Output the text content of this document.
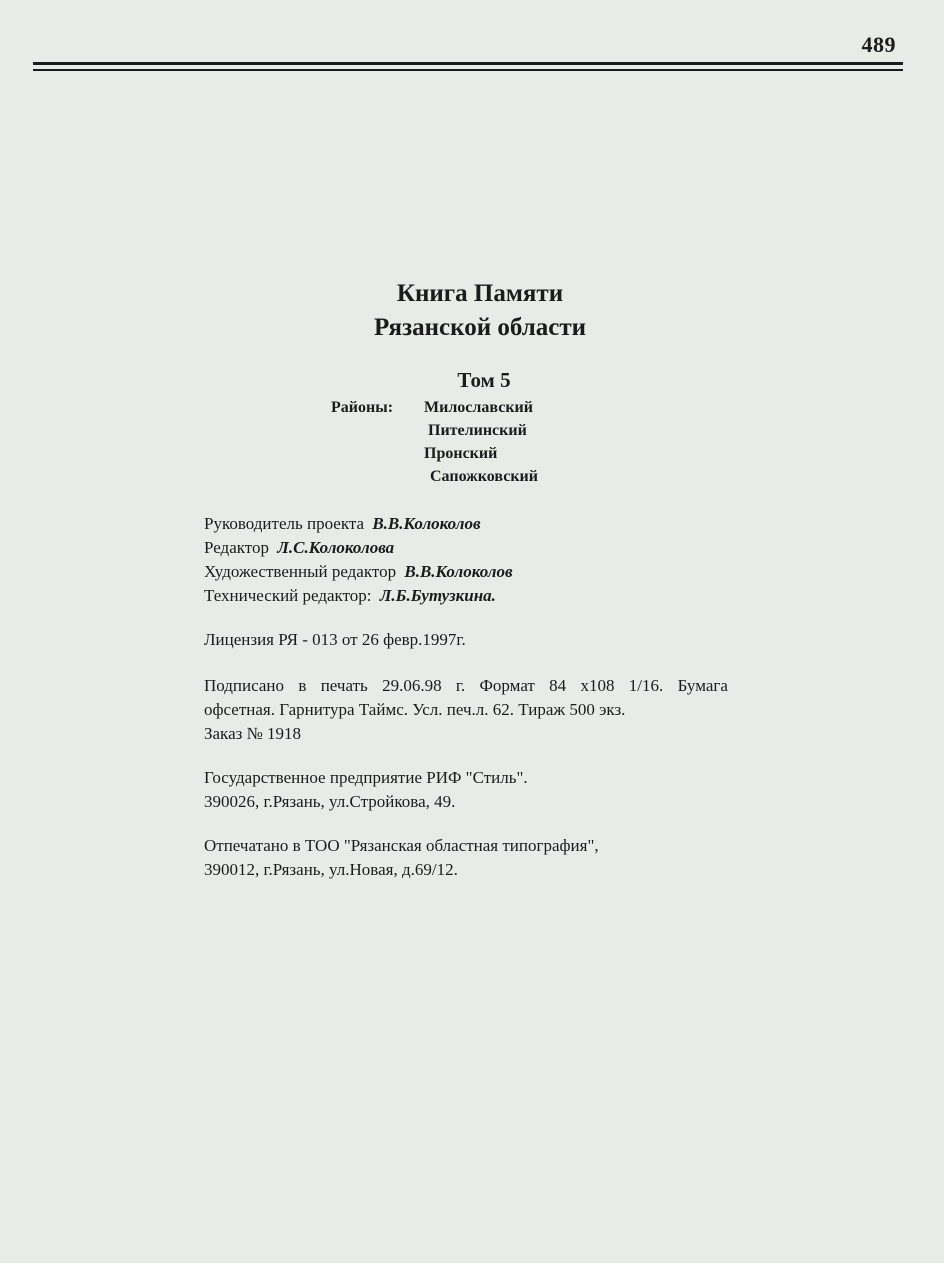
489
Книга Памяти
Рязанской области
Том 5
Районы: Милославский
Пителинский
Пронский
Сапожковский
Руководитель проекта В.В.Колоколов
Редактор Л.С.Колоколова
Художественный редактор В.В.Колоколов
Технический редактор: Л.Б.Бутузкина.
Лицензия РЯ - 013 от 26 февр.1997г.
Подписано в печать 29.06.98 г. Формат 84 х108 1/16. Бумага
офсетная. Гарнитура Таймс. Усл. печ.л. 62. Тираж 500 экз.
Заказ № 1918
Государственное предприятие РИФ "Стиль".
390026, г.Рязань, ул.Стройкова, 49.
Отпечатано в ТОО "Рязанская областная типография",
390012, г.Рязань, ул.Новая, д.69/12.
